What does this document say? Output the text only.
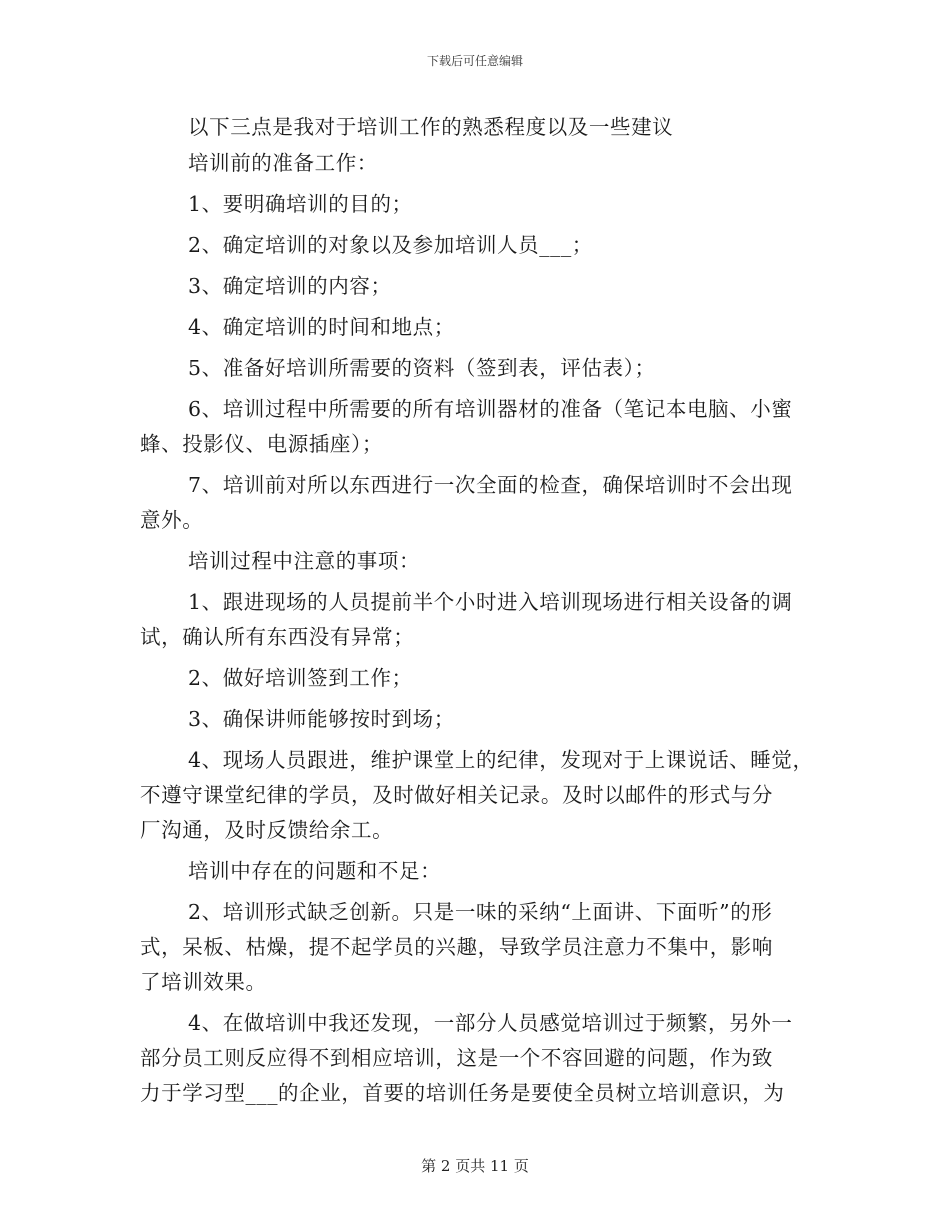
下载后可任意编辑
以下三点是我对于培训工作的熟悉程度以及一些建议
培训前的准备工作：
1、要明确培训的目的；
2、确定培训的对象以及参加培训人员___；
3、确定培训的内容；
4、确定培训的时间和地点；
5、准备好培训所需要的资料（签到表，评估表）；
6、培训过程中所需要的所有培训器材的准备（笔记本电脑、小蜜
蜂、投影仪、电源插座）；
7、培训前对所以东西进行一次全面的检查，确保培训时不会出现
意外。
培训过程中注意的事项：
1、跟进现场的人员提前半个小时进入培训现场进行相关设备的调
试，确认所有东西没有异常；
2、做好培训签到工作；
3、确保讲师能够按时到场；
4、现场人员跟进，维护课堂上的纪律，发现对于上课说话、睡觉，
不遵守课堂纪律的学员，及时做好相关记录。及时以邮件的形式与分
厂沟通，及时反馈给余工。
培训中存在的问题和不足：
2、培训形式缺乏创新。只是一味的采纳“上面讲、下面听”的形
式，呆板、枯燥，提不起学员的兴趣，导致学员注意力不集中，影响
了培训效果。
4、在做培训中我还发现，一部分人员感觉培训过于频繁，另外一
部分员工则反应得不到相应培训，这是一个不容回避的问题，作为致
力于学习型___的企业，首要的培训任务是要使全员树立培训意识，为
第 2 页共 11 页
